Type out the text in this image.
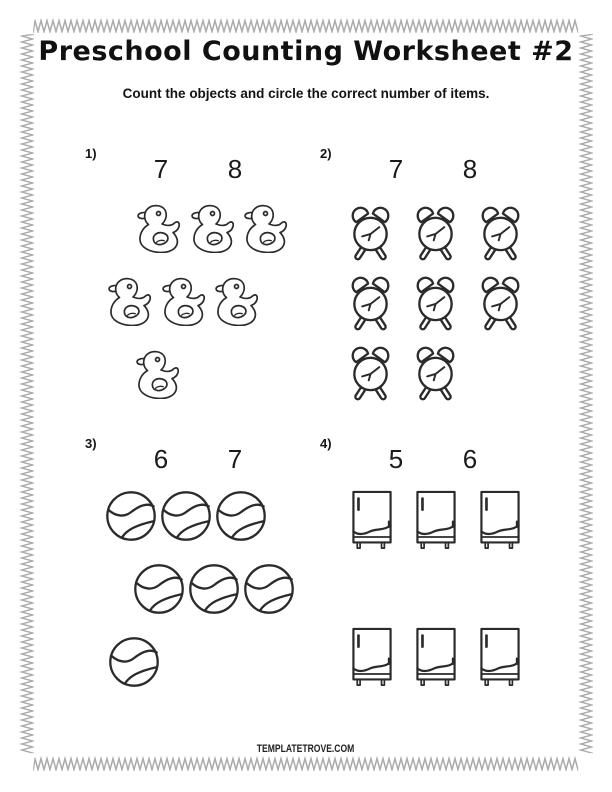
Preschool Counting Worksheet #2
Count the objects and circle the correct number of items.
1)
7	8
2)
7	8
3)
6	7
4)
5	6
TEMPLATETROVE.COM
